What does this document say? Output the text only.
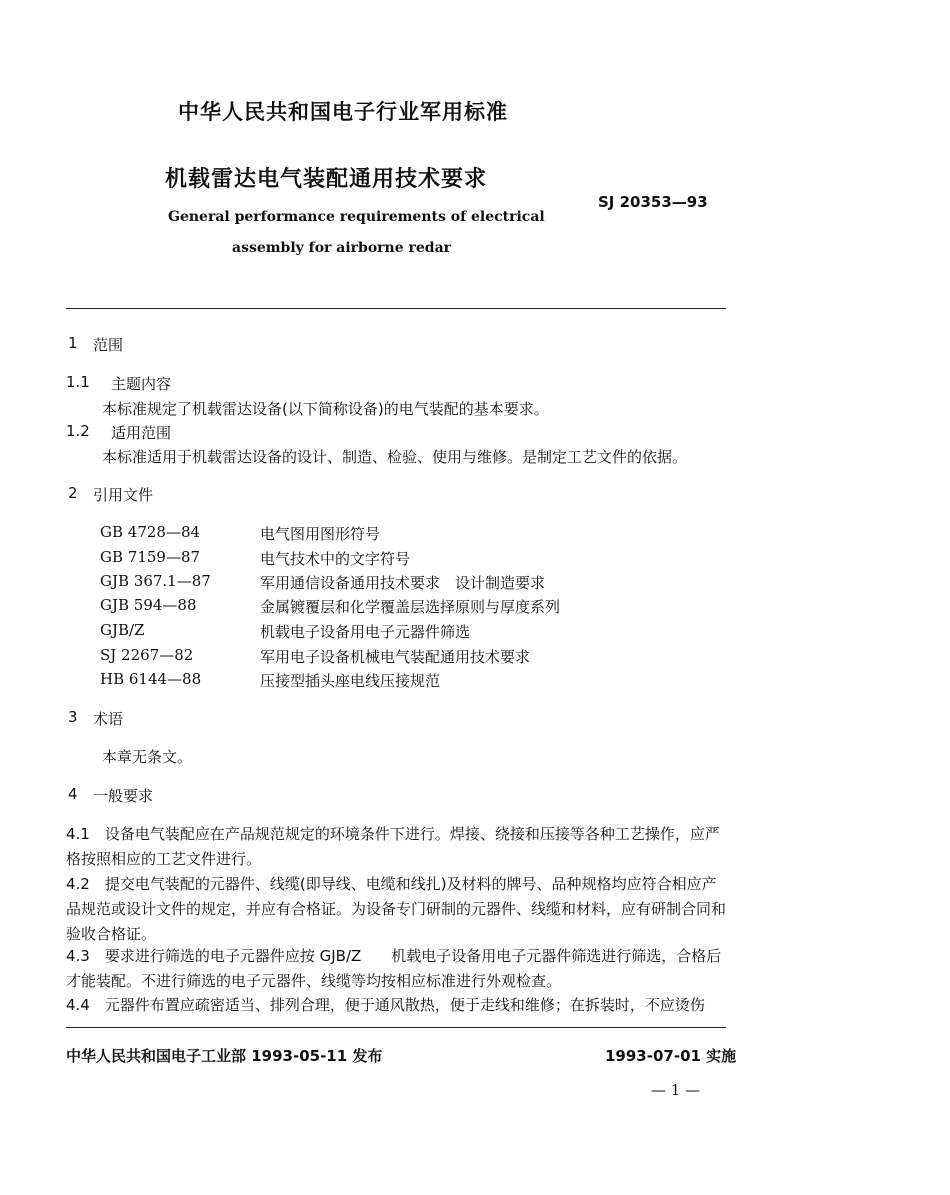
中华人民共和国电子行业军用标准
机载雷达电气装配通用技术要求
SJ 20353—93
General performance requirements of electrical
assembly for airborne redar
1 范围
1.1 主题内容
本标准规定了机载雷达设备(以下简称设备)的电气装配的基本要求。
1.2 适用范围
本标准适用于机载雷达设备的设计、制造、检验、使用与维修。是制定工艺文件的依据。
2 引用文件
GB 4728—84	电气图用图形符号
GB 7159—87	电气技术中的文字符号
GJB 367.1—87	军用通信设备通用技术要求　设计制造要求
GJB 594—88	金属镀覆层和化学覆盖层选择原则与厚度系列
GJB/Z	机载电子设备用电子元器件筛选
SJ 2267—82	军用电子设备机械电气装配通用技术要求
HB 6144—88	压接型插头座电线压接规范
3 术语
本章无条文。
4 一般要求
4.1　设备电气装配应在产品规范规定的环境条件下进行。焊接、绕接和压接等各种工艺操作，应严格按照相应的工艺文件进行。
4.2　提交电气装配的元器件、线缆(即导线、电缆和线扎)及材料的牌号、品种规格均应符合相应产品规范或设计文件的规定，并应有合格证。为设备专门研制的元器件、线缆和材料，应有研制合同和验收合格证。
4.3　要求进行筛选的电子元器件应按 GJB/Z　　机载电子设备用电子元器件筛选进行筛选，合格后才能装配。不进行筛选的电子元器件、线缆等均按相应标准进行外观检查。
4.4　元器件布置应疏密适当、排列合理，便于通风散热，便于走线和维修；在拆装时，不应烫伤
中华人民共和国电子工业部 1993-05-11 发布	1993-07-01 实施
— 1 —
